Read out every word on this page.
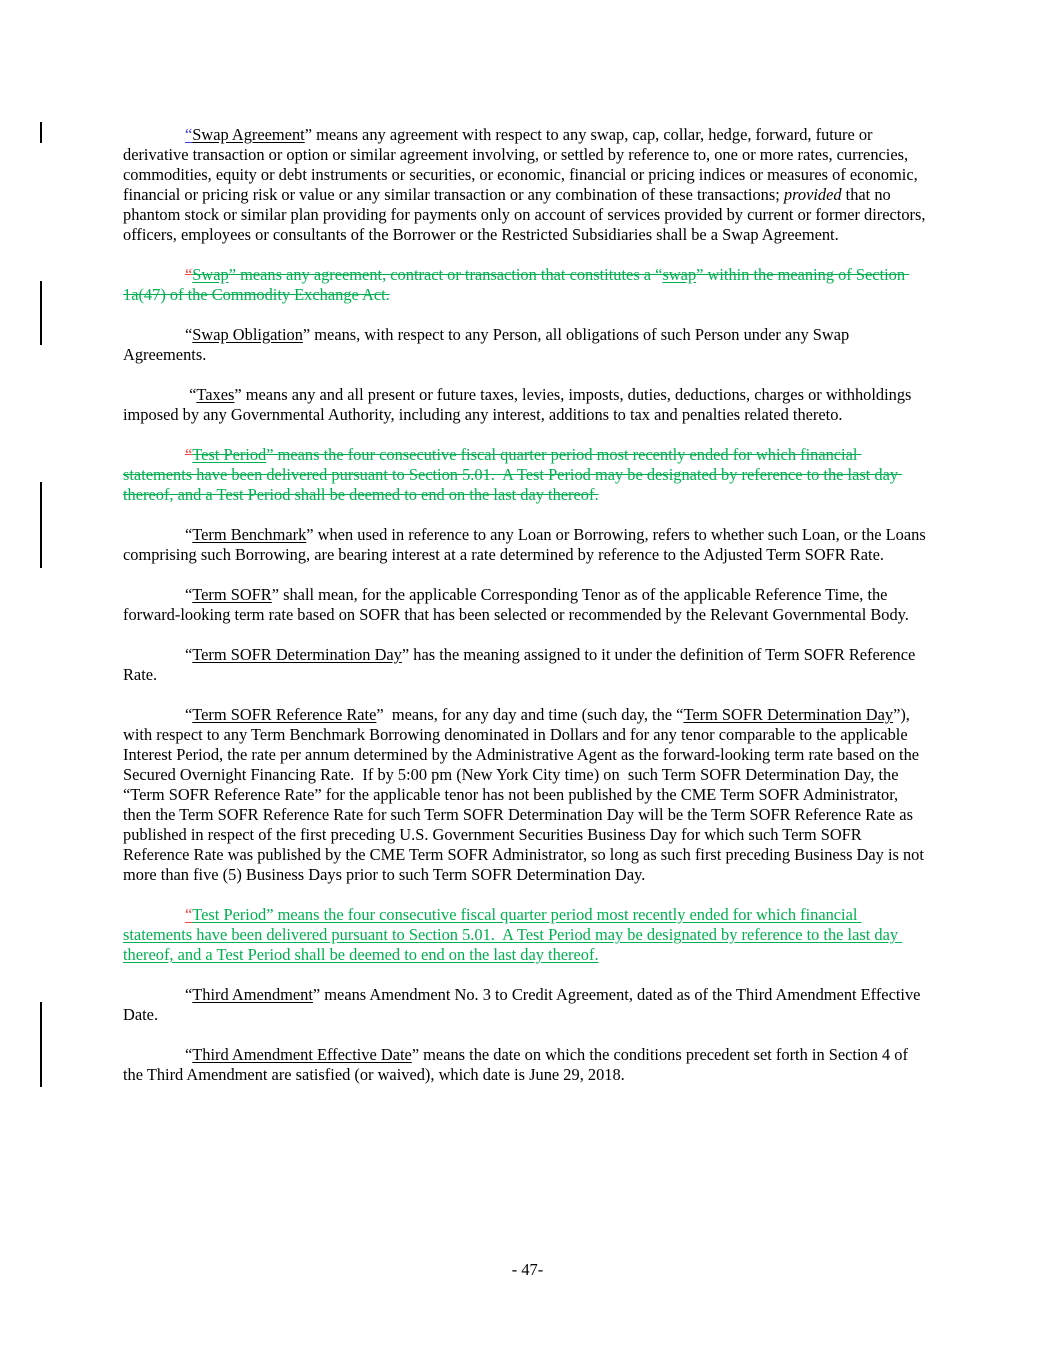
“Swap Agreement” means any agreement with respect to any swap, cap, collar, hedge, forward, future or derivative transaction or option or similar agreement involving, or settled by reference to, one or more rates, currencies, commodities, equity or debt instruments or securities, or economic, financial or pricing indices or measures of economic, financial or pricing risk or value or any similar transaction or any combination of these transactions; provided that no phantom stock or similar plan providing for payments only on account of services provided by current or former directors, officers, employees or consultants of the Borrower or the Restricted Subsidiaries shall be a Swap Agreement.

“Swap” means any agreement, contract or transaction that constitutes a “swap” within the meaning of Section 1a(47) of the Commodity Exchange Act.

“Swap Obligation” means, with respect to any Person, all obligations of such Person under any Swap Agreements.

“Taxes” means any and all present or future taxes, levies, imposts, duties, deductions, charges or withholdings imposed by any Governmental Authority, including any interest, additions to tax and penalties related thereto.

“Test Period” means the four consecutive fiscal quarter period most recently ended for which financial statements have been delivered pursuant to Section 5.01.  A Test Period may be designated by reference to the last day thereof, and a Test Period shall be deemed to end on the last day thereof.

“Term Benchmark” when used in reference to any Loan or Borrowing, refers to whether such Loan, or the Loans comprising such Borrowing, are bearing interest at a rate determined by reference to the Adjusted Term SOFR Rate.

“Term SOFR” shall mean, for the applicable Corresponding Tenor as of the applicable Reference Time, the forward-looking term rate based on SOFR that has been selected or recommended by the Relevant Governmental Body.

“Term SOFR Determination Day” has the meaning assigned to it under the definition of Term SOFR Reference Rate.

“Term SOFR Reference Rate”  means, for any day and time (such day, the “Term SOFR Determination Day”), with respect to any Term Benchmark Borrowing denominated in Dollars and for any tenor comparable to the applicable Interest Period, the rate per annum determined by the Administrative Agent as the forward-looking term rate based on the Secured Overnight Financing Rate.  If by 5:00 pm (New York City time) on  such Term SOFR Determination Day, the “Term SOFR Reference Rate” for the applicable tenor has not been published by the CME Term SOFR Administrator, then the Term SOFR Reference Rate for such Term SOFR Determination Day will be the Term SOFR Reference Rate as published in respect of the first preceding U.S. Government Securities Business Day for which such Term SOFR Reference Rate was published by the CME Term SOFR Administrator, so long as such first preceding Business Day is not more than five (5) Business Days prior to such Term SOFR Determination Day.

“Test Period” means the four consecutive fiscal quarter period most recently ended for which financial statements have been delivered pursuant to Section 5.01.  A Test Period may be designated by reference to the last day thereof, and a Test Period shall be deemed to end on the last day thereof.

“Third Amendment” means Amendment No. 3 to Credit Agreement, dated as of the Third Amendment Effective Date.

“Third Amendment Effective Date” means the date on which the conditions precedent set forth in Section 4 of the Third Amendment are satisfied (or waived), which date is June 29, 2018.

- 47-
